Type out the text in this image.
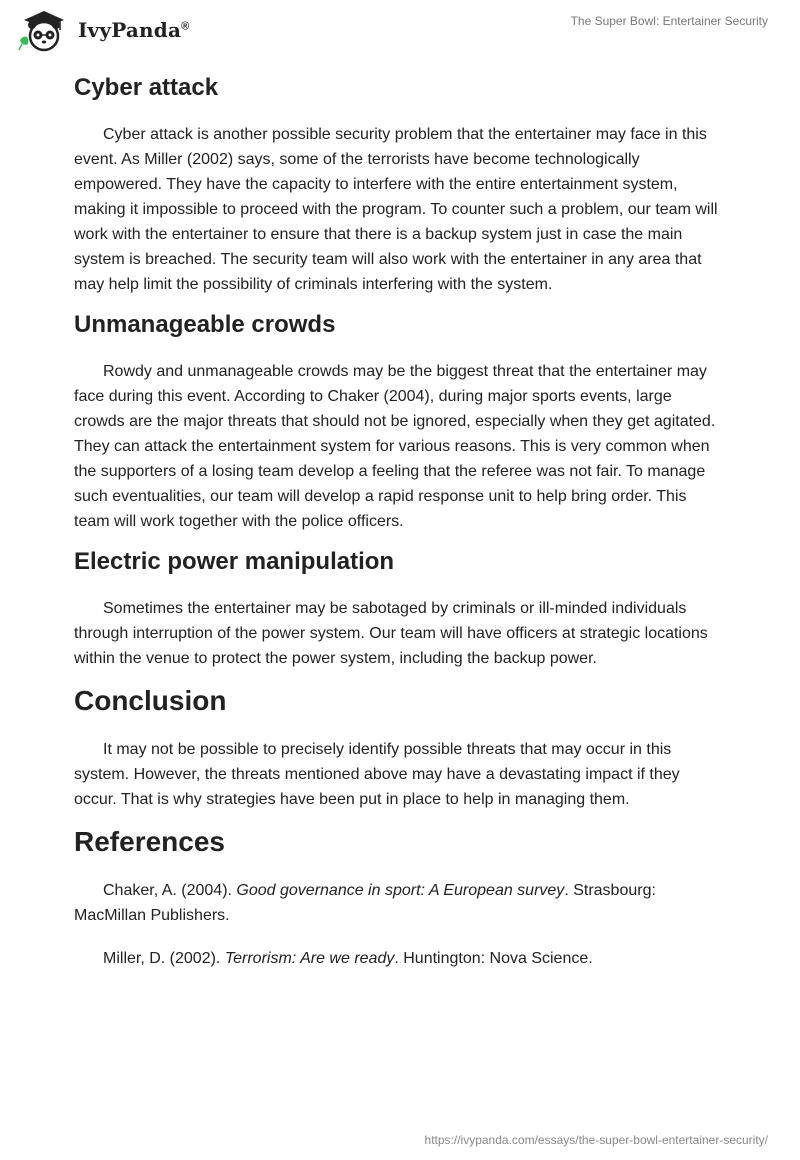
IvyPanda®	The Super Bowl: Entertainer Security
Cyber attack

Cyber attack is another possible security problem that the entertainer may face in this event. As Miller (2002) says, some of the terrorists have become technologically empowered. They have the capacity to interfere with the entire entertainment system, making it impossible to proceed with the program. To counter such a problem, our team will work with the entertainer to ensure that there is a backup system just in case the main system is breached. The security team will also work with the entertainer in any area that may help limit the possibility of criminals interfering with the system.

Unmanageable crowds

Rowdy and unmanageable crowds may be the biggest threat that the entertainer may face during this event. According to Chaker (2004), during major sports events, large crowds are the major threats that should not be ignored, especially when they get agitated. They can attack the entertainment system for various reasons. This is very common when the supporters of a losing team develop a feeling that the referee was not fair. To manage such eventualities, our team will develop a rapid response unit to help bring order. This team will work together with the police officers.

Electric power manipulation

Sometimes the entertainer may be sabotaged by criminals or ill-minded individuals through interruption of the power system. Our team will have officers at strategic locations within the venue to protect the power system, including the backup power.

Conclusion

It may not be possible to precisely identify possible threats that may occur in this system. However, the threats mentioned above may have a devastating impact if they occur. That is why strategies have been put in place to help in managing them.

References

Chaker, A. (2004). Good governance in sport: A European survey. Strasbourg: MacMillan Publishers.

Miller, D. (2002). Terrorism: Are we ready. Huntington: Nova Science.

https://ivypanda.com/essays/the-super-bowl-entertainer-security/
